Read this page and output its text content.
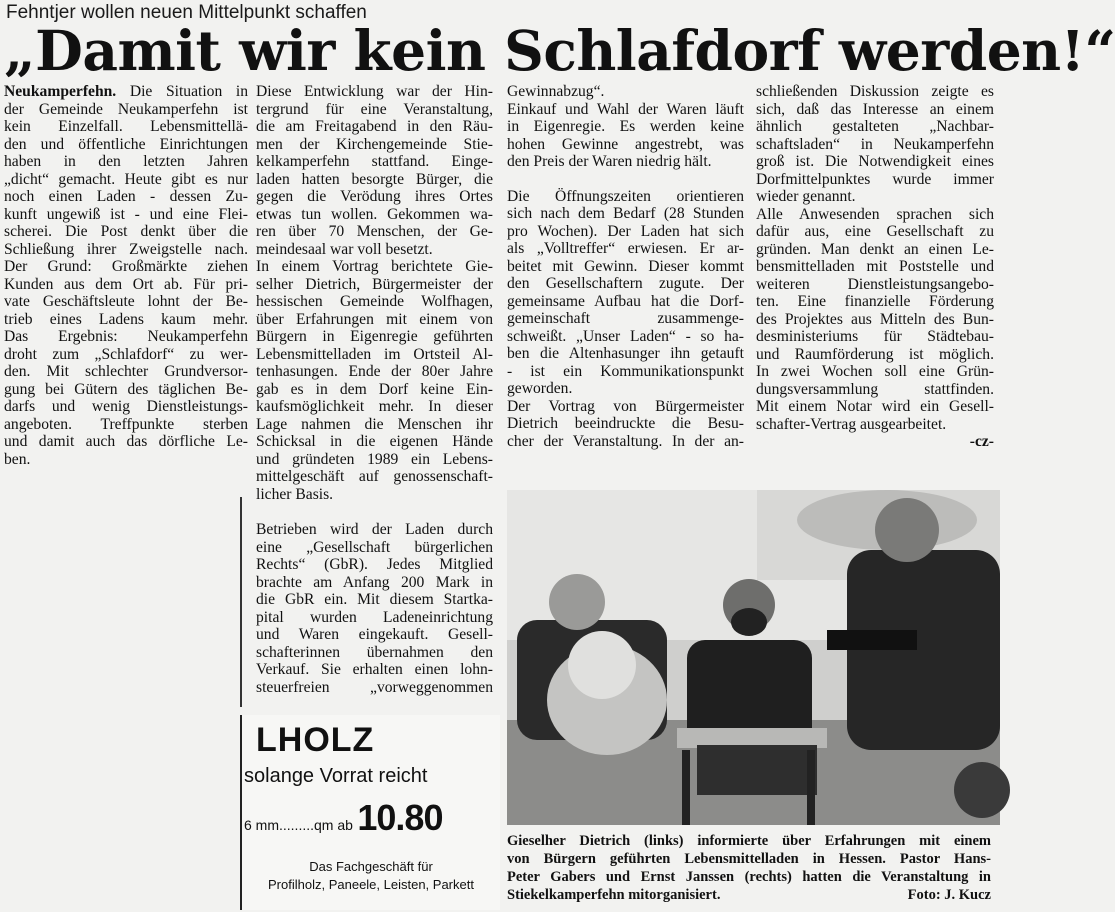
Fehntjer wollen neuen Mittelpunkt schaffen
„Damit wir kein Schlafdorf werden!“
Neukamperfehn. Die Situation in
der Gemeinde Neukamperfehn ist
kein Einzelfall. Lebensmittellä-
den und öffentliche Einrichtungen
haben in den letzten Jahren
„dicht“ gemacht. Heute gibt es nur
noch einen Laden - dessen Zu-
kunft ungewiß ist - und eine Flei-
scherei. Die Post denkt über die
Schließung ihrer Zweigstelle nach.
Der Grund: Großmärkte ziehen
Kunden aus dem Ort ab. Für pri-
vate Geschäftsleute lohnt der Be-
trieb eines Ladens kaum mehr.
Das Ergebnis: Neukamperfehn
droht zum „Schlafdorf“ zu wer-
den. Mit schlechter Grundversor-
gung bei Gütern des täglichen Be-
darfs und wenig Dienstleistungs-
angeboten. Treffpunkte sterben
und damit auch das dörfliche Le-
ben.
Diese Entwicklung war der Hin-
tergrund für eine Veranstaltung,
die am Freitagabend in den Räu-
men der Kirchengemeinde Stie-
kelkamperfehn stattfand. Einge-
laden hatten besorgte Bürger, die
gegen die Verödung ihres Ortes
etwas tun wollen. Gekommen wa-
ren über 70 Menschen, der Ge-
meindesaal war voll besetzt.
In einem Vortrag berichtete Gie-
selher Dietrich, Bürgermeister der
hessischen Gemeinde Wolfhagen,
über Erfahrungen mit einem von
Bürgern in Eigenregie geführten
Lebensmittelladen im Ortsteil Al-
tenhasungen. Ende der 80er Jahre
gab es in dem Dorf keine Ein-
kaufsmöglichkeit mehr. In dieser
Lage nahmen die Menschen ihr
Schicksal in die eigenen Hände
und gründeten 1989 ein Lebens-
mittelgeschäft auf genossenschaft-
licher Basis.
Betrieben wird der Laden durch
eine „Gesellschaft bürgerlichen
Rechts“ (GbR). Jedes Mitglied
brachte am Anfang 200 Mark in
die GbR ein. Mit diesem Startka-
pital wurden Ladeneinrichtung
und Waren eingekauft. Gesell-
schafterinnen übernahmen den
Verkauf. Sie erhalten einen lohn-
steuerfreien „vorweggenommen
Gewinnabzug“.
Einkauf und Wahl der Waren läuft
in Eigenregie. Es werden keine
hohen Gewinne angestrebt, was
den Preis der Waren niedrig hält.
Die Öffnungszeiten orientieren
sich nach dem Bedarf (28 Stunden
pro Wochen). Der Laden hat sich
als „Volltreffer“ erwiesen. Er ar-
beitet mit Gewinn. Dieser kommt
den Gesellschaftern zugute. Der
gemeinsame Aufbau hat die Dorf-
gemeinschaft zusammenge-
schweißt. „Unser Laden“ - so ha-
ben die Altenhasunger ihn getauft
- ist ein Kommunikationspunkt
geworden.
Der Vortrag von Bürgermeister
Dietrich beeindruckte die Besu-
cher der Veranstaltung. In der an-
schließenden Diskussion zeigte es
sich, daß das Interesse an einem
ähnlich gestalteten „Nachbar-
schaftsladen“ in Neukamperfehn
groß ist. Die Notwendigkeit eines
Dorfmittelpunktes wurde immer
wieder genannt.
Alle Anwesenden sprachen sich
dafür aus, eine Gesellschaft zu
gründen. Man denkt an einen Le-
bensmittelladen mit Poststelle und
weiteren Dienstleistungsangebo-
ten. Eine finanzielle Förderung
des Projektes aus Mitteln des Bun-
desministeriums für Städtebau-
und Raumförderung ist möglich.
In zwei Wochen soll eine Grün-
dungsversammlung stattfinden.
Mit einem Notar wird ein Gesell-
schafter-Vertrag ausgearbeitet.
-cz-
LHOLZ
solange Vorrat reicht
6 mm.........qm ab 10.80
Das Fachgeschäft für
Profilholz, Paneele, Leisten, Parkett
Gieselher Dietrich (links) informierte über Erfahrungen mit einem
von Bürgern geführten Lebensmittelladen in Hessen. Pastor Hans-
Peter Gabers und Ernst Janssen (rechts) hatten die Veranstaltung in
Stiekelkamperfehn mitorganisiert.	Foto: J. Kucz
